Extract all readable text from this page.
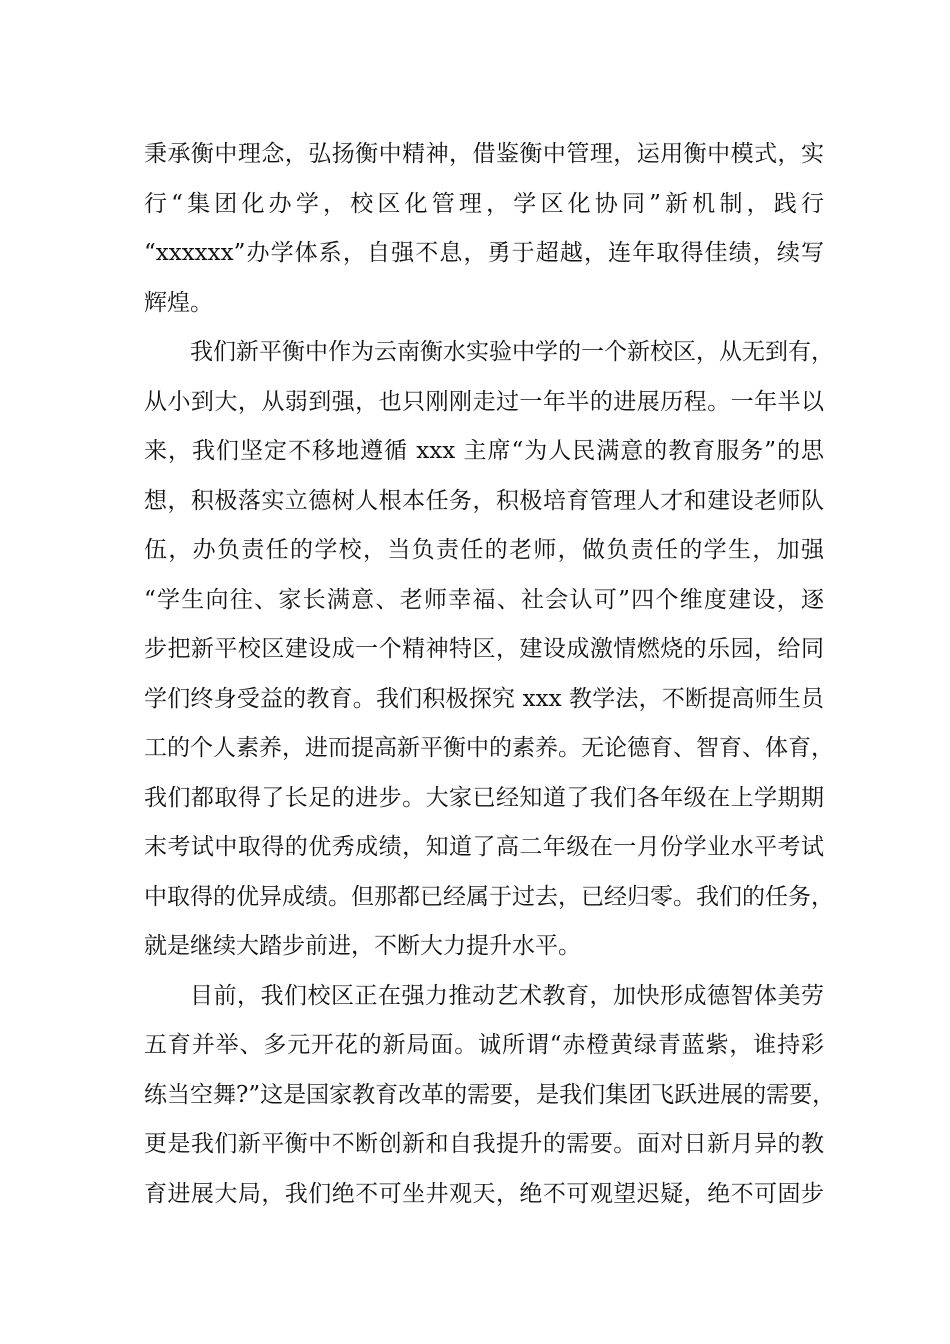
秉承衡中理念，弘扬衡中精神，借鉴衡中管理，运用衡中模式，实
行“集团化办学，校区化管理，学区化协同”新机制，践行
“xxxxxx”办学体系，自强不息，勇于超越，连年取得佳绩，续写
辉煌。
我们新平衡中作为云南衡水实验中学的一个新校区，从无到有，
从小到大，从弱到强，也只刚刚走过一年半的进展历程。一年半以
来，我们坚定不移地遵循 xxx 主席“为人民满意的教育服务”的思
想，积极落实立德树人根本任务，积极培育管理人才和建设老师队
伍，办负责任的学校，当负责任的老师，做负责任的学生，加强
“学生向往、家长满意、老师幸福、社会认可”四个维度建设，逐
步把新平校区建设成一个精神特区，建设成激情燃烧的乐园，给同
学们终身受益的教育。我们积极探究 xxx 教学法，不断提高师生员
工的个人素养，进而提高新平衡中的素养。无论德育、智育、体育，
我们都取得了长足的进步。大家已经知道了我们各年级在上学期期
末考试中取得的优秀成绩，知道了高二年级在一月份学业水平考试
中取得的优异成绩。但那都已经属于过去，已经归零。我们的任务，
就是继续大踏步前进，不断大力提升水平。
目前，我们校区正在强力推动艺术教育，加快形成德智体美劳
五育并举、多元开花的新局面。诚所谓“赤橙黄绿青蓝紫，谁持彩
练当空舞?”这是国家教育改革的需要，是我们集团飞跃进展的需要，
更是我们新平衡中不断创新和自我提升的需要。面对日新月异的教
育进展大局，我们绝不可坐井观天，绝不可观望迟疑，绝不可固步
